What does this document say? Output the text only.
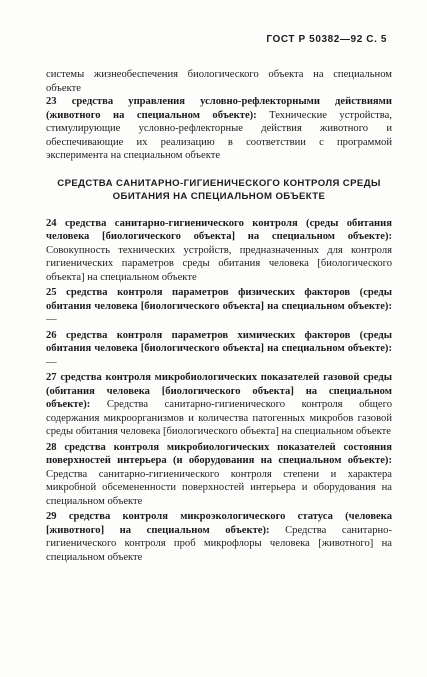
ГОСТ Р 50382—92 С. 5

системы жизнеобеспечения биологического объекта на специальном объекте

23 средства управления условно-рефлекторными действиями (животного на специальном объекте): Технические устройства, стимулирующие условно-рефлекторные действия животного и обеспечивающие их реализацию в соответствии с программой эксперимента на специальном объекте

СРЕДСТВА САНИТАРНО-ГИГИЕНИЧЕСКОГО КОНТРОЛЯ СРЕДЫ
ОБИТАНИЯ НА СПЕЦИАЛЬНОМ ОБЪЕКТЕ

24 средства санитарно-гигиенического контроля (среды обитания человека [биологического объекта] на специальном объекте): Совокупность технических устройств, предназначенных для контроля гигиенических параметров среды обитания человека [биологического объекта] на специальном объекте

25 средства контроля параметров физических факторов (среды обитания человека [биологического объекта] на специальном объекте): —

26 средства контроля параметров химических факторов (среды обитания человека [биологического объекта] на специальном объекте): —

27 средства контроля микробиологических показателей газовой среды (обитания человека [биологического объекта] на специальном объекте): Средства санитарно-гигиенического контроля общего содержания микроорганизмов и количества патогенных микробов газовой среды обитания человека [биологического объекта] на специальном объекте

28 средства контроля микробиологических показателей состояния поверхностей интерьера (и оборудования на специальном объекте): Средства санитарно-гигиенического контроля степени и характера микробной обсемененности поверхностей интерьера и оборудования на специальном объекте

29 средства контроля микроэкологического статуса (человека [животного] на специальном объекте): Средства санитарно-гигиенического контроля проб микрофлоры человека [животного] на специальном объекте
